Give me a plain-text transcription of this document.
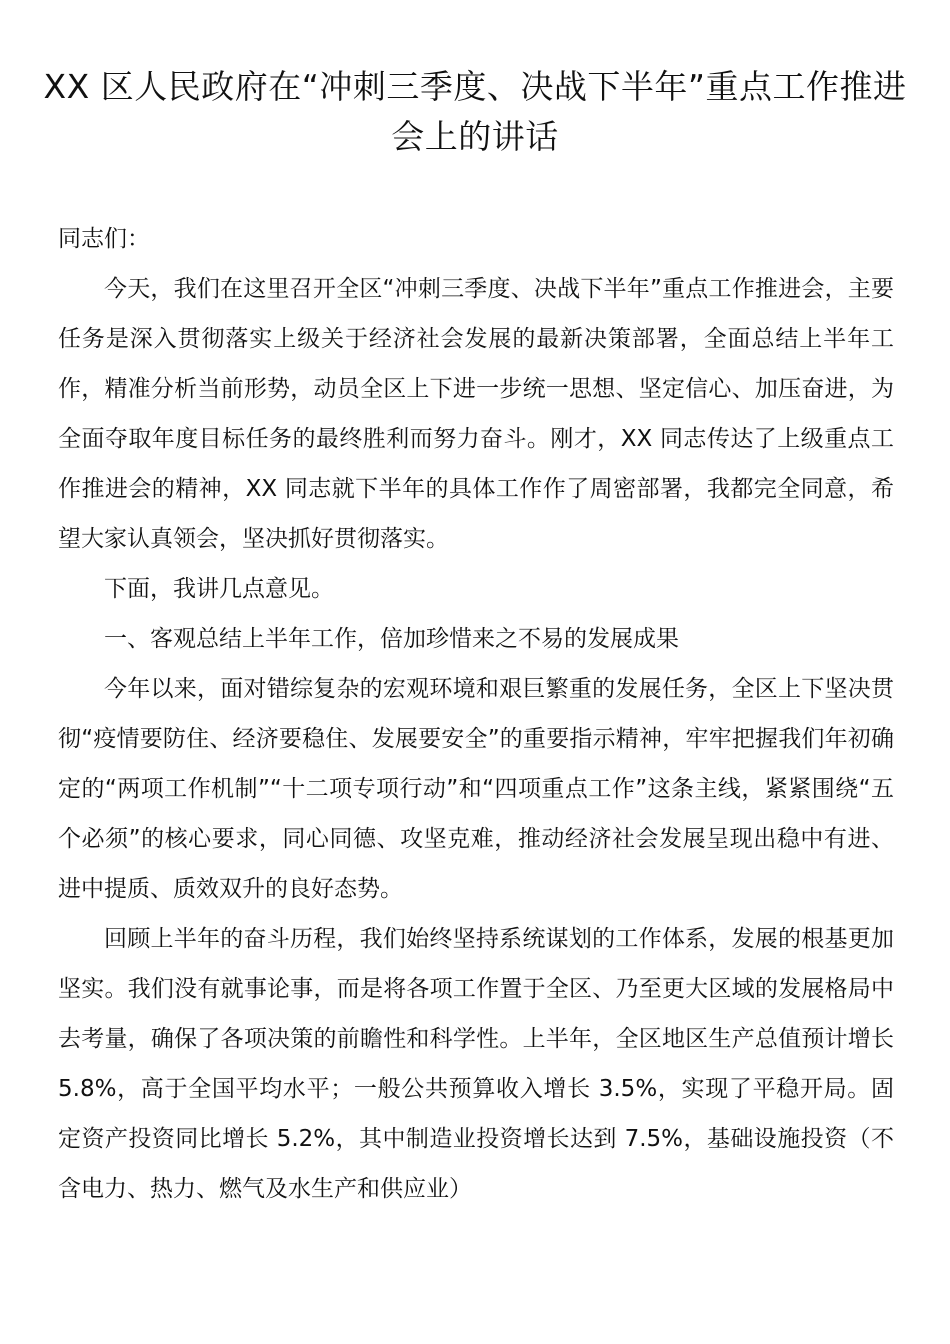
XX 区人民政府在“冲刺三季度、决战下半年”重点工作推进会上的讲话

同志们：

今天，我们在这里召开全区“冲刺三季度、决战下半年”重点工作推进会，主要任务是深入贯彻落实上级关于经济社会发展的最新决策部署，全面总结上半年工作，精准分析当前形势，动员全区上下进一步统一思想、坚定信心、加压奋进，为全面夺取年度目标任务的最终胜利而努力奋斗。刚才，XX 同志传达了上级重点工作推进会的精神，XX 同志就下半年的具体工作作了周密部署，我都完全同意，希望大家认真领会，坚决抓好贯彻落实。

下面，我讲几点意见。

一、客观总结上半年工作，倍加珍惜来之不易的发展成果

今年以来，面对错综复杂的宏观环境和艰巨繁重的发展任务，全区上下坚决贯彻“疫情要防住、经济要稳住、发展要安全”的重要指示精神，牢牢把握我们年初确定的“两项工作机制”“十二项专项行动”和“四项重点工作”这条主线，紧紧围绕“五个必须”的核心要求，同心同德、攻坚克难，推动经济社会发展呈现出稳中有进、进中提质、质效双升的良好态势。

回顾上半年的奋斗历程，我们始终坚持系统谋划的工作体系，发展的根基更加坚实。我们没有就事论事，而是将各项工作置于全区、乃至更大区域的发展格局中去考量，确保了各项决策的前瞻性和科学性。上半年，全区地区生产总值预计增长 5.8%，高于全国平均水平；一般公共预算收入增长 3.5%，实现了平稳开局。固定资产投资同比增长 5.2%，其中制造业投资增长达到 7.5%，基础设施投资（不含电力、热力、燃气及水生产和供应业）
